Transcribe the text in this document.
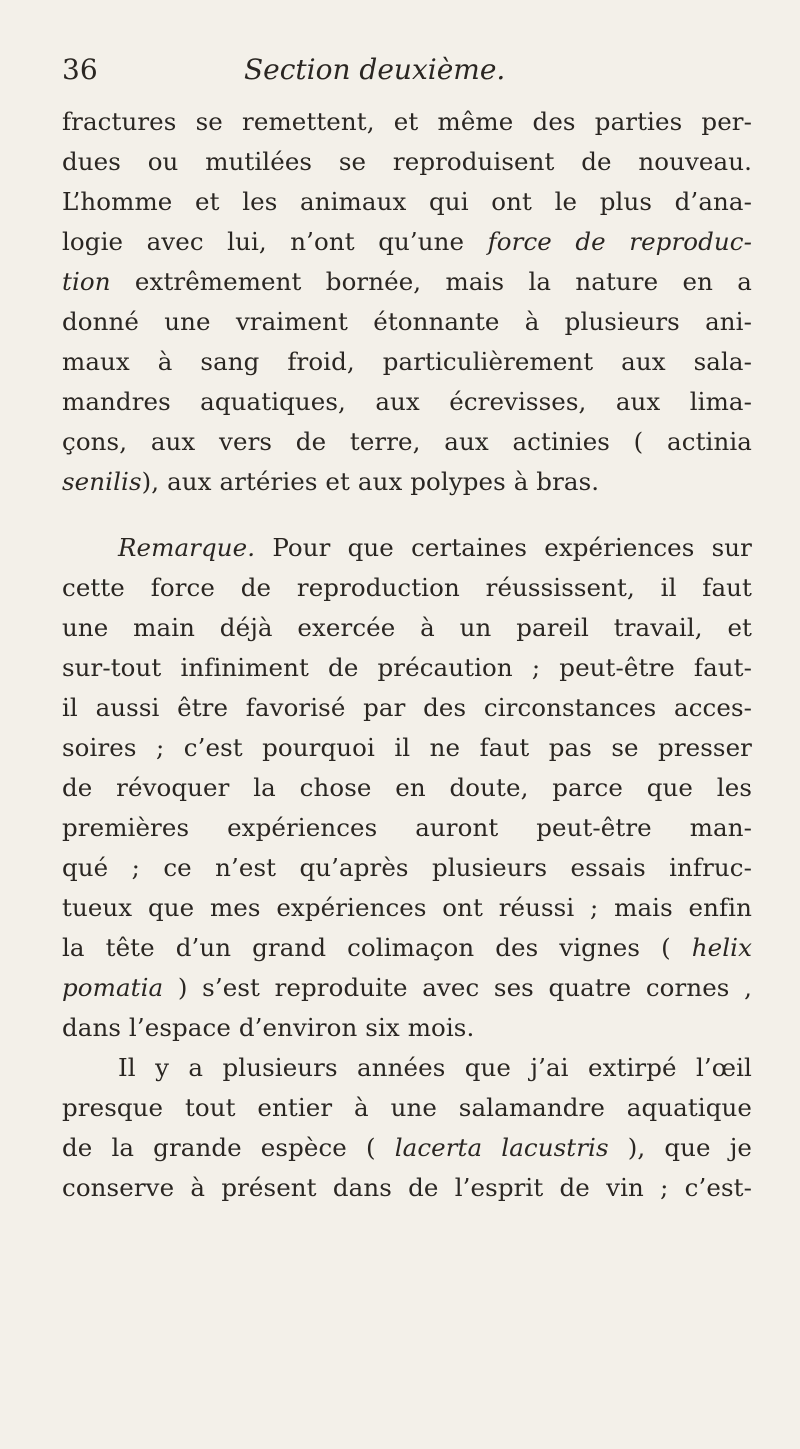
36	Section deuxième.
fractures se remettent, et même des parties per-
dues ou mutilées se reproduisent de nouveau.
L’homme et les animaux qui ont le plus d’ana-
logie avec lui, n’ont qu’une force de reproduc-
tion extrêmement bornée, mais la nature en a
donné une vraiment étonnante à plusieurs ani-
maux à sang froid, particulièrement aux sala-
mandres aquatiques, aux écrevisses, aux lima-
çons, aux vers de terre, aux actinies ( actinia
senilis), aux artéries et aux polypes à bras.
Remarque. Pour que certaines expériences sur
cette force de reproduction réussissent, il faut
une main déjà exercée à un pareil travail, et
sur-tout infiniment de précaution ; peut-être faut-
il aussi être favorisé par des circonstances acces-
soires ; c’est pourquoi il ne faut pas se presser
de révoquer la chose en doute, parce que les
premières expériences auront peut-être man-
qué ; ce n’est qu’après plusieurs essais infruc-
tueux que mes expériences ont réussi ; mais enfin
la tête d’un grand colimaçon des vignes ( helix
pomatia ) s’est reproduite avec ses quatre cornes ,
dans l’espace d’environ six mois.
Il y a plusieurs années que j’ai extirpé l’œil
presque tout entier à une salamandre aquatique
de la grande espèce ( lacerta lacustris ), que je
conserve à présent dans de l’esprit de vin ; c’est-
